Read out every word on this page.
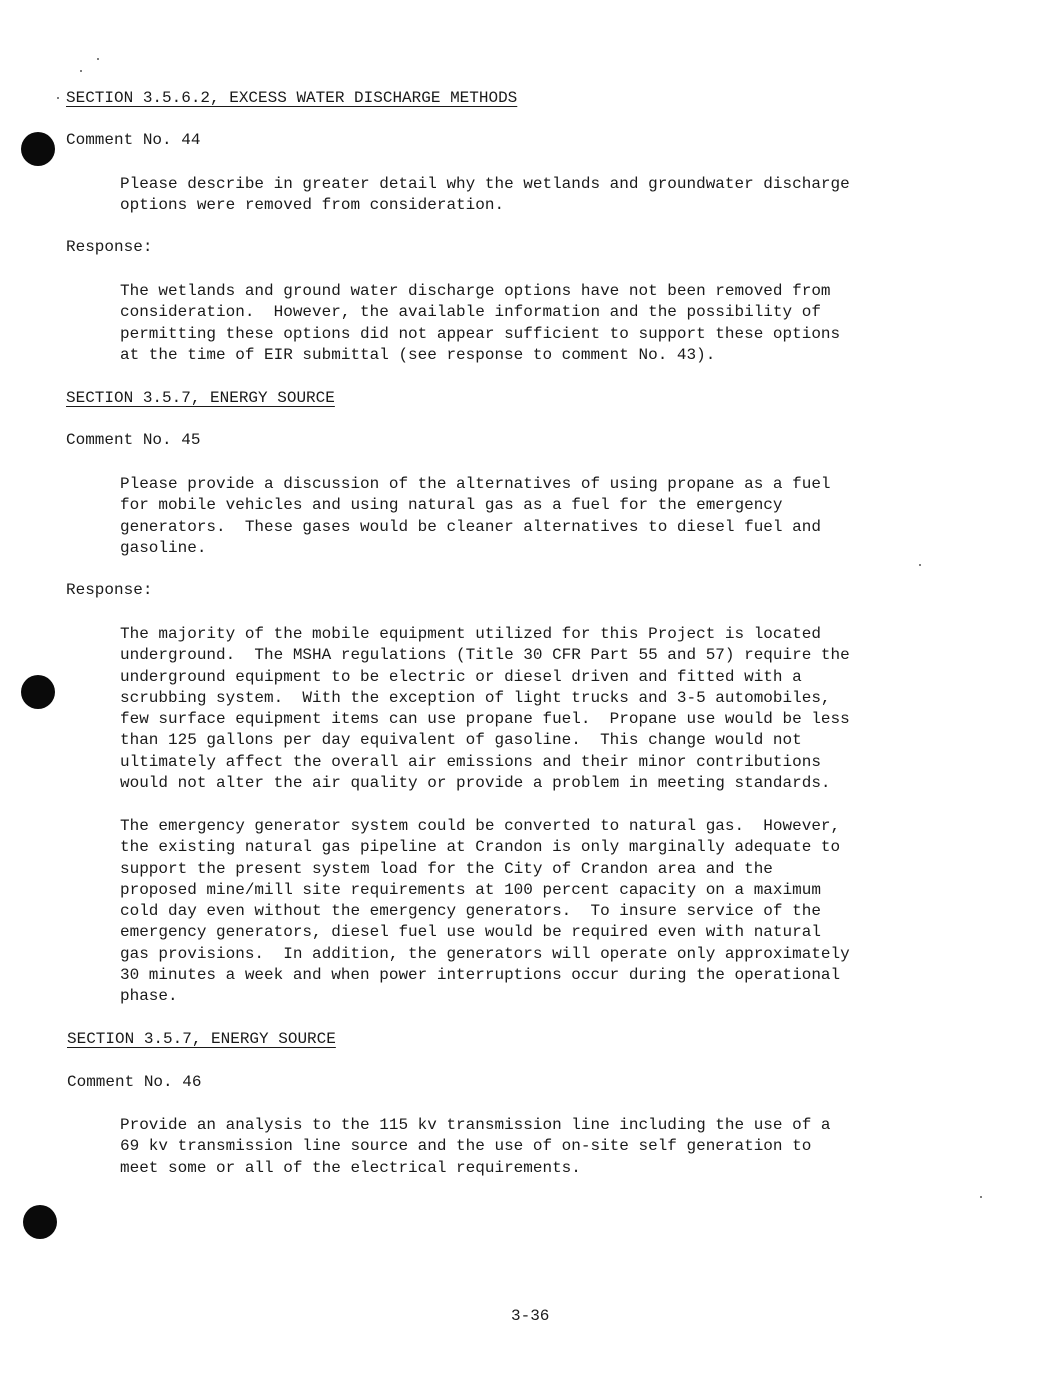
SECTION 3.5.6.2, EXCESS WATER DISCHARGE METHODS
Comment No. 44
Please describe in greater detail why the wetlands and groundwater discharge
options were removed from consideration.
Response:
The wetlands and ground water discharge options have not been removed from
consideration.  However, the available information and the possibility of
permitting these options did not appear sufficient to support these options
at the time of EIR submittal (see response to comment No. 43).
SECTION 3.5.7, ENERGY SOURCE
Comment No. 45
Please provide a discussion of the alternatives of using propane as a fuel
for mobile vehicles and using natural gas as a fuel for the emergency
generators.  These gases would be cleaner alternatives to diesel fuel and
gasoline.
Response:
The majority of the mobile equipment utilized for this Project is located
underground.  The MSHA regulations (Title 30 CFR Part 55 and 57) require the
underground equipment to be electric or diesel driven and fitted with a
scrubbing system.  With the exception of light trucks and 3-5 automobiles,
few surface equipment items can use propane fuel.  Propane use would be less
than 125 gallons per day equivalent of gasoline.  This change would not
ultimately affect the overall air emissions and their minor contributions
would not alter the air quality or provide a problem in meeting standards.
The emergency generator system could be converted to natural gas.  However,
the existing natural gas pipeline at Crandon is only marginally adequate to
support the present system load for the City of Crandon area and the
proposed mine/mill site requirements at 100 percent capacity on a maximum
cold day even without the emergency generators.  To insure service of the
emergency generators, diesel fuel use would be required even with natural
gas provisions.  In addition, the generators will operate only approximately
30 minutes a week and when power interruptions occur during the operational
phase.
SECTION 3.5.7, ENERGY SOURCE
Comment No. 46
Provide an analysis to the 115 kv transmission line including the use of a
69 kv transmission line source and the use of on-site self generation to
meet some or all of the electrical requirements.
3-36
